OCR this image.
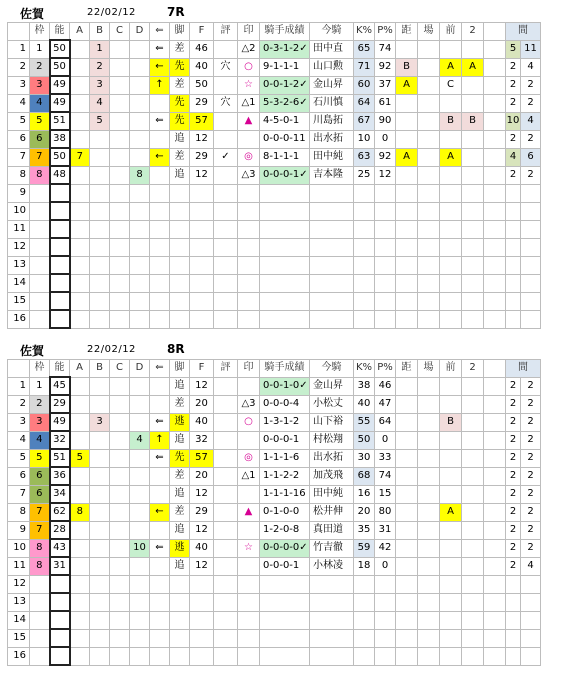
佐賀	22/02/12	7R
	枠	能	A	B	C	D	⇐	脚	F	評	印	騎手成績	今騎	K%	P%	距	場	前	2		間	
1	1	50		1			⇐	差	46		△2	0-3-1-2✓	田中直	65	74						5	11
2	2	50		2			←	先	40	穴	○	9-1-1-1	山口勲	71	92	B		A	A		2	4
3	3	49		3			↑	差	50		☆	0-0-1-2✓	金山昇	60	37	A		C			2	2
4	4	49		4				先	29	穴	△1	5-3-2-6✓	石川慎	64	61						2	2
5	5	51		5			⇐	先	57		▲	4-5-0-1	川島拓	67	90			B	B		10	4
6	6	38						追	12			0-0-0-11	出水拓	10	0						2	2
7	7	50	7				←	差	29	✓	◎	8-1-1-1	田中純	63	92	A		A			4	6
8	8	48				8		追	12		△3	0-0-0-1✓	吉本隆	25	12						2	2
9																						
10																						
11																						
12																						
13																						
14																						
15																						
16																						
佐賀	22/02/12	8R
	枠	能	A	B	C	D	⇐	脚	F	評	印	騎手成績	今騎	K%	P%	距	場	前	2		間	
1	1	45						追	12			0-0-1-0✓	金山昇	38	46						2	2
2	2	29						差	20		△3	0-0-0-4	小松丈	40	47						2	2
3	3	49		3			⇐	逃	40		○	1-3-1-2	山下裕	55	64			B			2	2
4	4	32				4	↑	追	32			0-0-0-1	村松翔	50	0						2	2
5	5	51	5				⇐	先	57		◎	1-1-1-6	出水拓	30	33						2	2
6	6	36						差	20		△1	1-1-2-2	加茂飛	68	74						2	2
7	6	34						追	12			1-1-1-16	田中純	16	15						2	2
8	7	62	8				←	差	29		▲	0-1-0-0	松井伸	20	80			A			2	2
9	7	28						追	12			1-2-0-8	真田道	35	31						2	2
10	8	43				10	⇐	逃	40		☆	0-0-0-0✓	竹吉徹	59	42						2	2
11	8	31						追	12			0-0-0-1	小林凌	18	0						2	4
12																						
13																						
14																						
15																						
16																						
